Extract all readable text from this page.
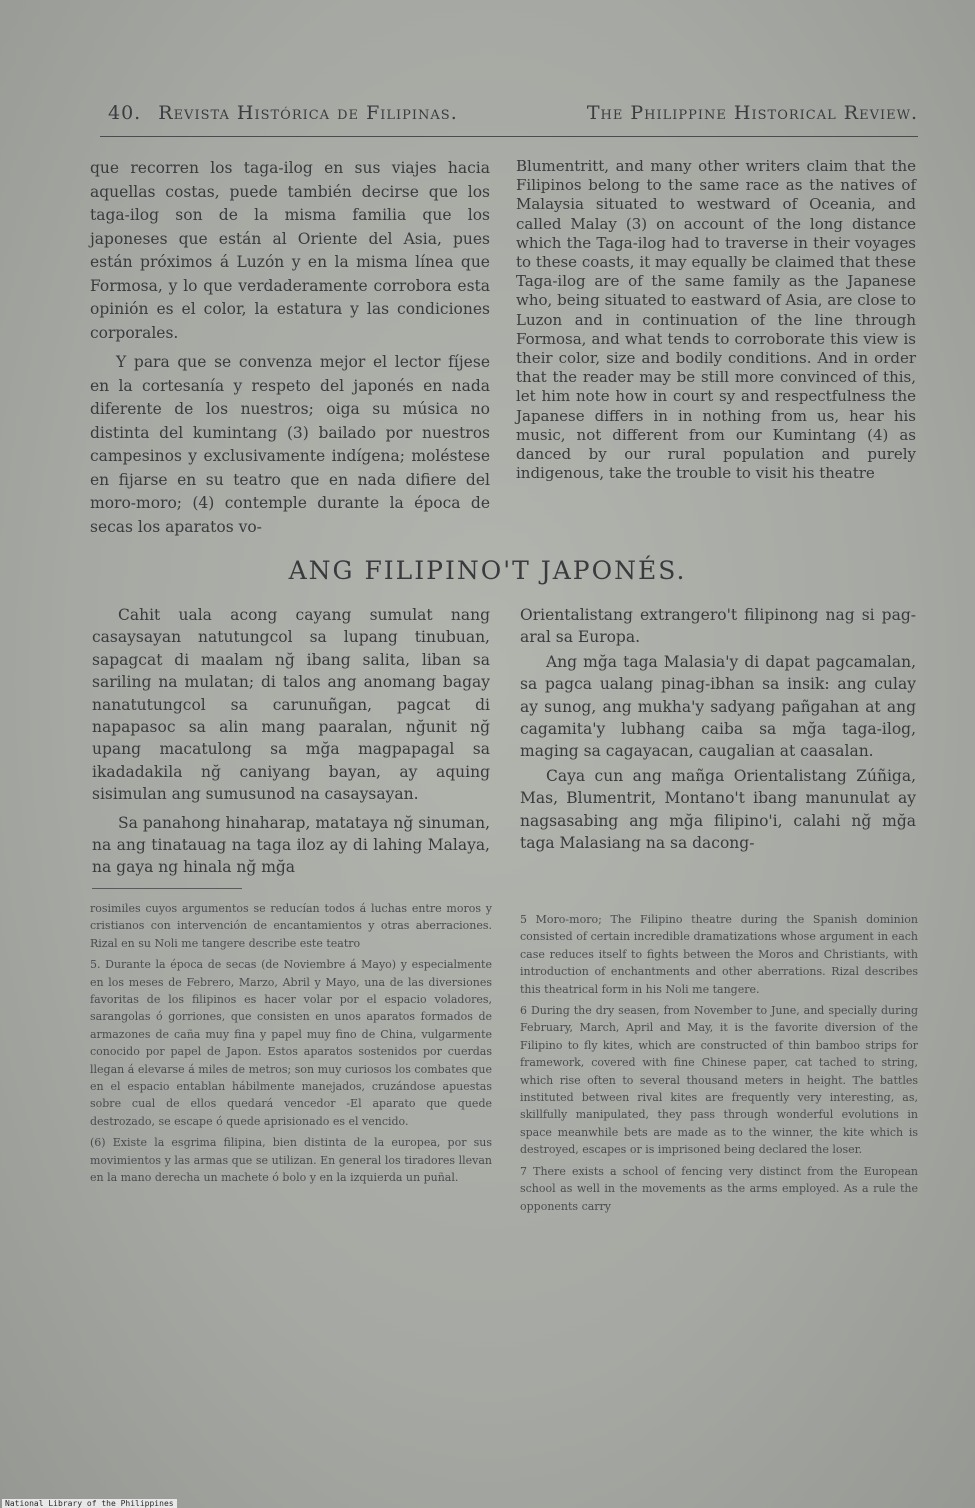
40. Revista Histórica de Filipinas.	The Philippine Historical Review.

que recorren los taga-ilog en sus viajes hacia aquellas costas, puede también decirse que los taga-ilog son de la misma familia que los japoneses que están al Oriente del Asia, pues están próximos á Luzón y en la misma línea que Formosa, y lo que verdaderamente corrobora esta opinión es el color, la estatura y las condiciones corporales.

Y para que se convenza mejor el lector fíjese en la cortesanía y respeto del japonés en nada diferente de los nuestros; oiga su música no distinta del kumintang (3) bailado por nuestros campesinos y exclusivamente indígena; moléstese en fijarse en su teatro que en nada difiere del moro-moro; (4) contemple durante la época de secas los aparatos vo-

Blumentritt, and many other writers claim that the Filipinos belong to the same race as the natives of Malaysia situated to westward of Oceania, and called Malay (3) on account of the long distance which the Taga-ilog had to traverse in their voyages to these coasts, it may equally be claimed that these Taga-ilog are of the same family as the Japanese who, being situated to eastward of Asia, are close to Luzon and in continuation of the line through Formosa, and what tends to corroborate this view is their color, size and bodily conditions. And in order that the reader may be still more convinced of this, let him note how in court sy and respectfulness the Japanese differs in in nothing from us, hear his music, not different from our Kumintang (4) as danced by our rural population and purely indigenous, take the trouble to visit his theatre

ANG FILIPINO'T JAPONÉS.

Cahit uala acong cayang sumulat nang casaysayan natutungcol sa lupang tinubuan, sapagcat di maalam nğ ibang salita, liban sa sariling na mulatan; di talos ang anomang bagay nanatutungcol sa carunuñgan, pagcat di napapasoc sa alin mang paaralan, nğunit nğ upang macatulong sa mğa magpapagal sa ikadadakila nğ caniyang bayan, ay aquing sisimulan ang sumusunod na casaysayan.

Sa panahong hinaharap, matataya nğ sinuman, na ang tinatauag na taga iloz ay di lahing Malaya, na gaya ng hinala nğ mğa

Orientalistang extrangero't filipinong nag si pag-aral sa Europa.

Ang mğa taga Malasia'y di dapat pagcamalan, sa pagca ualang pinag-ibhan sa insik: ang culay ay sunog, ang mukha'y sadyang pañgahan at ang cagamita'y lubhang caiba sa mğa taga-ilog, maging sa cagayacan, caugalian at caasalan.

Caya cun ang mañga Orientalistang Zúñiga, Mas, Blumentrit, Montano't ibang manunulat ay nagsasabing ang mğa filipino'i, calahi nğ mğa taga Malasiang na sa dacong-

rosimiles cuyos argumentos se reducían todos á luchas entre moros y cristianos con intervención de encantamientos y otras aberraciones. Rizal en su Noli me tangere describe este teatro

5. Durante la época de secas (de Noviembre á Mayo) y especialmente en los meses de Febrero, Marzo, Abril y Mayo, una de las diversiones favoritas de los filipinos es hacer volar por el espacio voladores, sarangolas ó gorriones, que consisten en unos aparatos formados de armazones de caña muy fina y papel muy fino de China, vulgarmente conocido por papel de Japon. Estos aparatos sostenidos por cuerdas llegan á elevarse á miles de metros; son muy curiosos los combates que en el espacio entablan hábilmente manejados, cruzándose apuestas sobre cual de ellos quedará vencedor -El aparato que quede destrozado, se escape ó quede aprisionado es el vencido.

(6) Existe la esgrima filipina, bien distinta de la europea, por sus movimientos y las armas que se utilizan. En general los tiradores llevan en la mano derecha un machete ó bolo y en la izquierda un puñal.

5 Moro-moro; The Filipino theatre during the Spanish dominion consisted of certain incredible dramatizations whose argument in each case reduces itself to fights between the Moros and Christiants, with introduction of enchantments and other aberrations. Rizal describes this theatrical form in his Noli me tangere.

6 During the dry seasen, from November to June, and specially during February, March, April and May, it is the favorite diversion of the Filipino to fly kites, which are constructed of thin bamboo strips for framework, covered with fine Chinese paper, cat tached to string, which rise often to several thousand meters in height. The battles instituted between rival kites are frequently very interesting, as, skillfully manipulated, they pass through wonderful evolutions in space meanwhile bets are made as to the winner, the kite which is destroyed, escapes or is imprisoned being declared the loser.

7 There exists a school of fencing very distinct from the European school as well in the movements as the arms employed. As a rule the opponents carry

National Library of the Philippines
